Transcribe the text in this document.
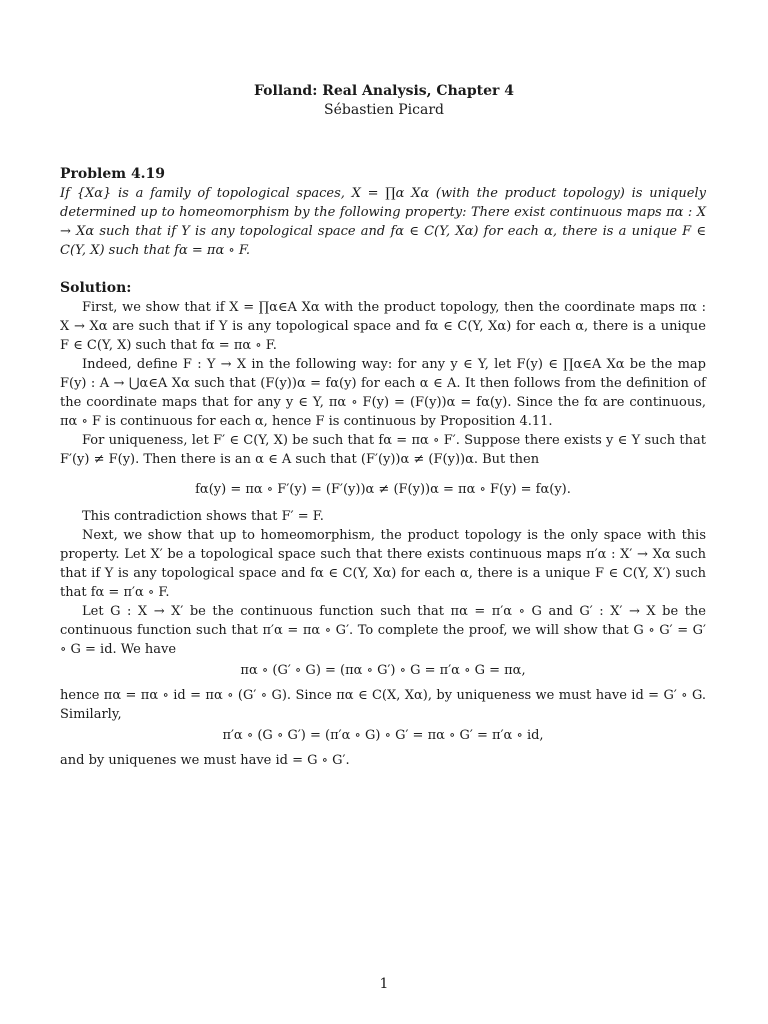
Folland: Real Analysis, Chapter 4
Sébastien Picard
Problem 4.19

If {Xα} is a family of topological spaces, X = ∏α Xα (with the product topology) is uniquely determined up to homeomorphism by the following property: There exist continuous maps πα : X → Xα such that if Y is any topological space and fα ∈ C(Y, Xα) for each α, there is a unique F ∈ C(Y, X) such that fα = πα ∘ F.

Solution:

First, we show that if X = ∏α∈A Xα with the product topology, then the coordinate maps πα : X → Xα are such that if Y is any topological space and fα ∈ C(Y, Xα) for each α, there is a unique F ∈ C(Y, X) such that fα = πα ∘ F.

Indeed, define F : Y → X in the following way: for any y ∈ Y, let F(y) ∈ ∏α∈A Xα be the map F(y) : A → ⋃α∈A Xα such that (F(y))α = fα(y) for each α ∈ A. It then follows from the definition of the coordinate maps that for any y ∈ Y, πα ∘ F(y) = (F(y))α = fα(y). Since the fα are continuous, πα ∘ F is continuous for each α, hence F is continuous by Proposition 4.11.

For uniqueness, let F′ ∈ C(Y, X) be such that fα = πα ∘ F′. Suppose there exists y ∈ Y such that F′(y) ≠ F(y). Then there is an α ∈ A such that (F′(y))α ≠ (F(y))α. But then

fα(y) = πα ∘ F′(y) = (F′(y))α ≠ (F(y))α = πα ∘ F(y) = fα(y).

This contradiction shows that F′ = F.

Next, we show that up to homeomorphism, the product topology is the only space with this property. Let X′ be a topological space such that there exists continuous maps π′α : X′ → Xα such that if Y is any topological space and fα ∈ C(Y, Xα) for each α, there is a unique F ∈ C(Y, X′) such that fα = π′α ∘ F.

Let G : X → X′ be the continuous function such that πα = π′α ∘ G and G′ : X′ → X be the continuous function such that π′α = πα ∘ G′. To complete the proof, we will show that G ∘ G′ = G′ ∘ G = id. We have

πα ∘ (G′ ∘ G) = (πα ∘ G′) ∘ G = π′α ∘ G = πα,

hence πα = πα ∘ id = πα ∘ (G′ ∘ G). Since πα ∈ C(X, Xα), by uniqueness we must have id = G′ ∘ G. Similarly,

π′α ∘ (G ∘ G′) = (π′α ∘ G) ∘ G′ = πα ∘ G′ = π′α ∘ id,

and by uniquenes we must have id = G ∘ G′.

1
